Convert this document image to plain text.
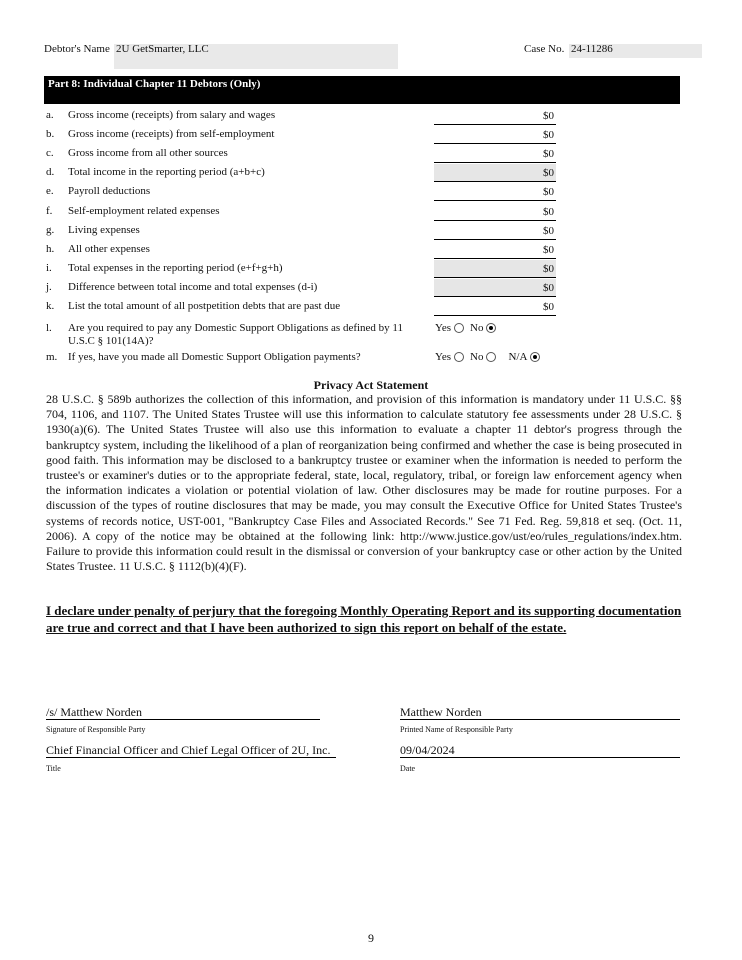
Debtor's Name 2U GetSmarter, LLC	Case No. 24-11286
Part 8: Individual Chapter 11 Debtors (Only)
a. Gross income (receipts) from salary and wages	$0
b. Gross income (receipts) from self-employment	$0
c. Gross income from all other sources	$0
d. Total income in the reporting period (a+b+c)	$0
e. Payroll deductions	$0
f. Self-employment related expenses	$0
g. Living expenses	$0
h. All other expenses	$0
i. Total expenses in the reporting period (e+f+g+h)	$0
j. Difference between total income and total expenses (d-i)	$0
k. List the total amount of all postpetition debts that are past due	$0
l. Are you required to pay any Domestic Support Obligations as defined by 11 U.S.C § 101(14A)?
Yes No
m. If yes, have you made all Domestic Support Obligation payments?	Yes No N/A
Privacy Act Statement
28 U.S.C. § 589b authorizes the collection of this information, and provision of this information is mandatory under 11 U.S.C. §§ 704, 1106, and 1107. The United States Trustee will use this information to calculate statutory fee assessments under 28 U.S.C. § 1930(a)(6). The United States Trustee will also use this information to evaluate a chapter 11 debtor's progress through the bankruptcy system, including the likelihood of a plan of reorganization being confirmed and whether the case is being prosecuted in good faith. This information may be disclosed to a bankruptcy trustee or examiner when the information is needed to perform the trustee's or examiner's duties or to the appropriate federal, state, local, regulatory, tribal, or foreign law enforcement agency when the information indicates a violation or potential violation of law. Other disclosures may be made for routine purposes. For a discussion of the types of routine disclosures that may be made, you may consult the Executive Office for United States Trustee's systems of records notice, UST-001, "Bankruptcy Case Files and Associated Records." See 71 Fed. Reg. 59,818 et seq. (Oct. 11, 2006). A copy of the notice may be obtained at the following link: http://www.justice.gov/ust/eo/rules_regulations/index.htm. Failure to provide this information could result in the dismissal or conversion of your bankruptcy case or other action by the United States Trustee. 11 U.S.C. § 1112(b)(4)(F).
I declare under penalty of perjury that the foregoing Monthly Operating Report and its supporting documentation are true and correct and that I have been authorized to sign this report on behalf of the estate.
/s/ Matthew Norden
Signature of Responsible Party
Matthew Norden
Printed Name of Responsible Party
Chief Financial Officer and Chief Legal Officer of 2U, Inc.
Title
09/04/2024
Date
9
